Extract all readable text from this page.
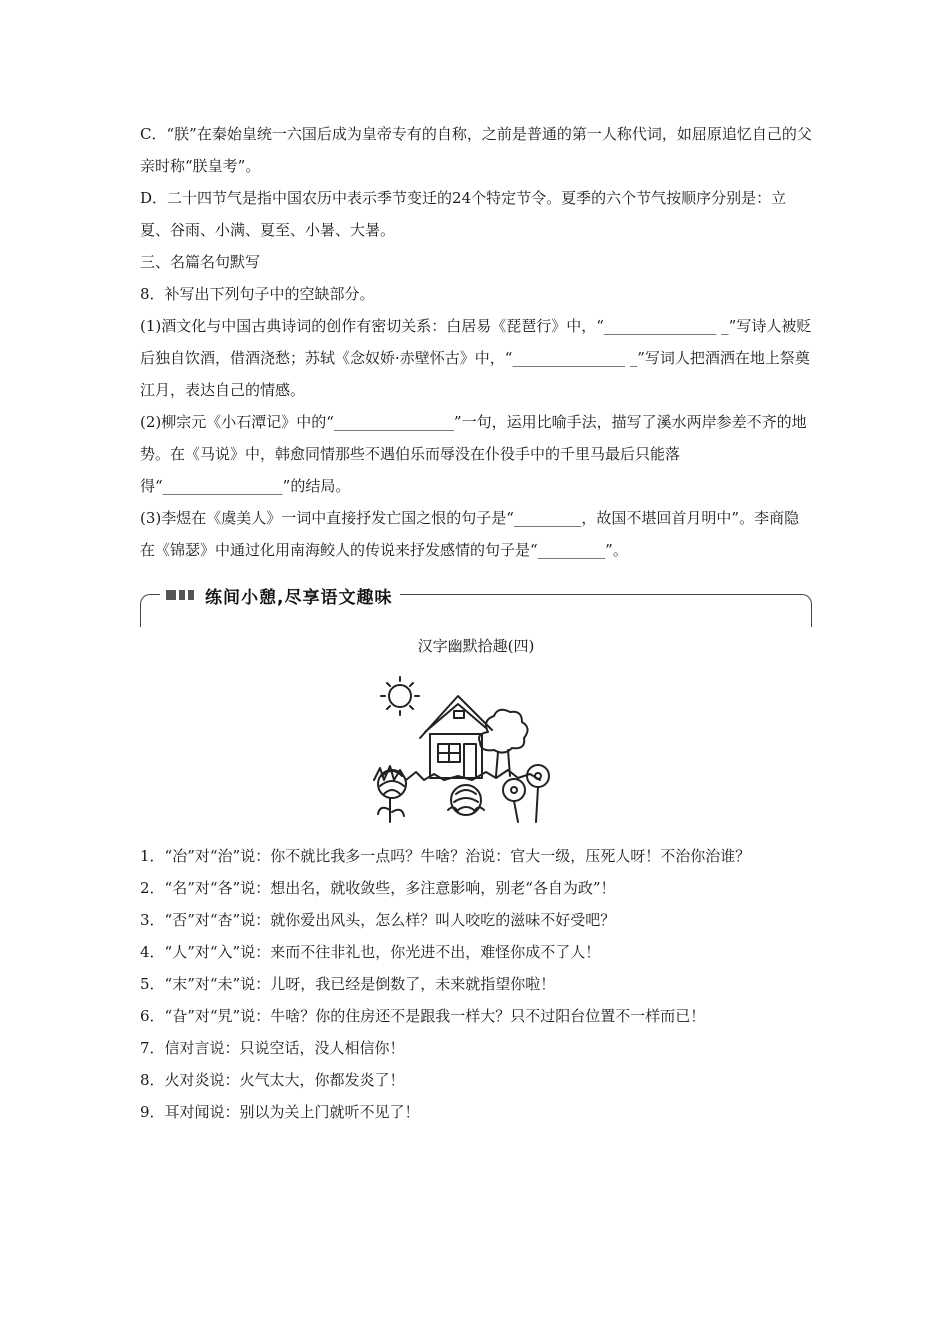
C．“朕”在秦始皇统一六国后成为皇帝专有的自称，之前是普通的第一人称代词，如屈原追忆自己的父亲时称“朕皇考”。

D．二十四节气是指中国农历中表示季节变迁的24个特定节令。夏季的六个节气按顺序分别是：立夏、谷雨、小满、夏至、小暑、大暑。

三、名篇名句默写

8．补写出下列句子中的空缺部分。

(1)酒文化与中国古典诗词的创作有密切关系：白居易《琵琶行》中，“_______________ _”写诗人被贬后独自饮酒，借酒浇愁；苏轼《念奴娇·赤壁怀古》中，“_______________ _”写词人把酒洒在地上祭奠江月，表达自己的情感。

(2)柳宗元《小石潭记》中的“________________”一句，运用比喻手法，描写了溪水两岸参差不齐的地势。在《马说》中，韩愈同情那些不遇伯乐而辱没在仆役手中的千里马最后只能落得“________________”的结局。

(3)李煜在《虞美人》一词中直接抒发亡国之恨的句子是“_________，故国不堪回首月明中”。李商隐在《锦瑟》中通过化用南海鲛人的传说来抒发感情的句子是“_________”。

练间小憩,尽享语文趣味
汉字幽默拾趣(四)

1．“冶”对“治”说：你不就比我多一点吗？牛啥？治说：官大一级，压死人呀！不治你治谁？

2．“名”对“各”说：想出名，就收敛些，多注意影响，别老“各自为政”！

3．“否”对“杏”说：就你爱出风头，怎么样？叫人咬吃的滋味不好受吧？

4．“人”对“入”说：来而不往非礼也，你光进不出，难怪你成不了人！

5．“末”对“未”说：儿呀，我已经是倒数了，未来就指望你啦！

6．“旮”对“旯”说：牛啥？你的住房还不是跟我一样大？只不过阳台位置不一样而已！

7．信对言说：只说空话，没人相信你！

8．火对炎说：火气太大，你都发炎了！

9．耳对闻说：别以为关上门就听不见了！
